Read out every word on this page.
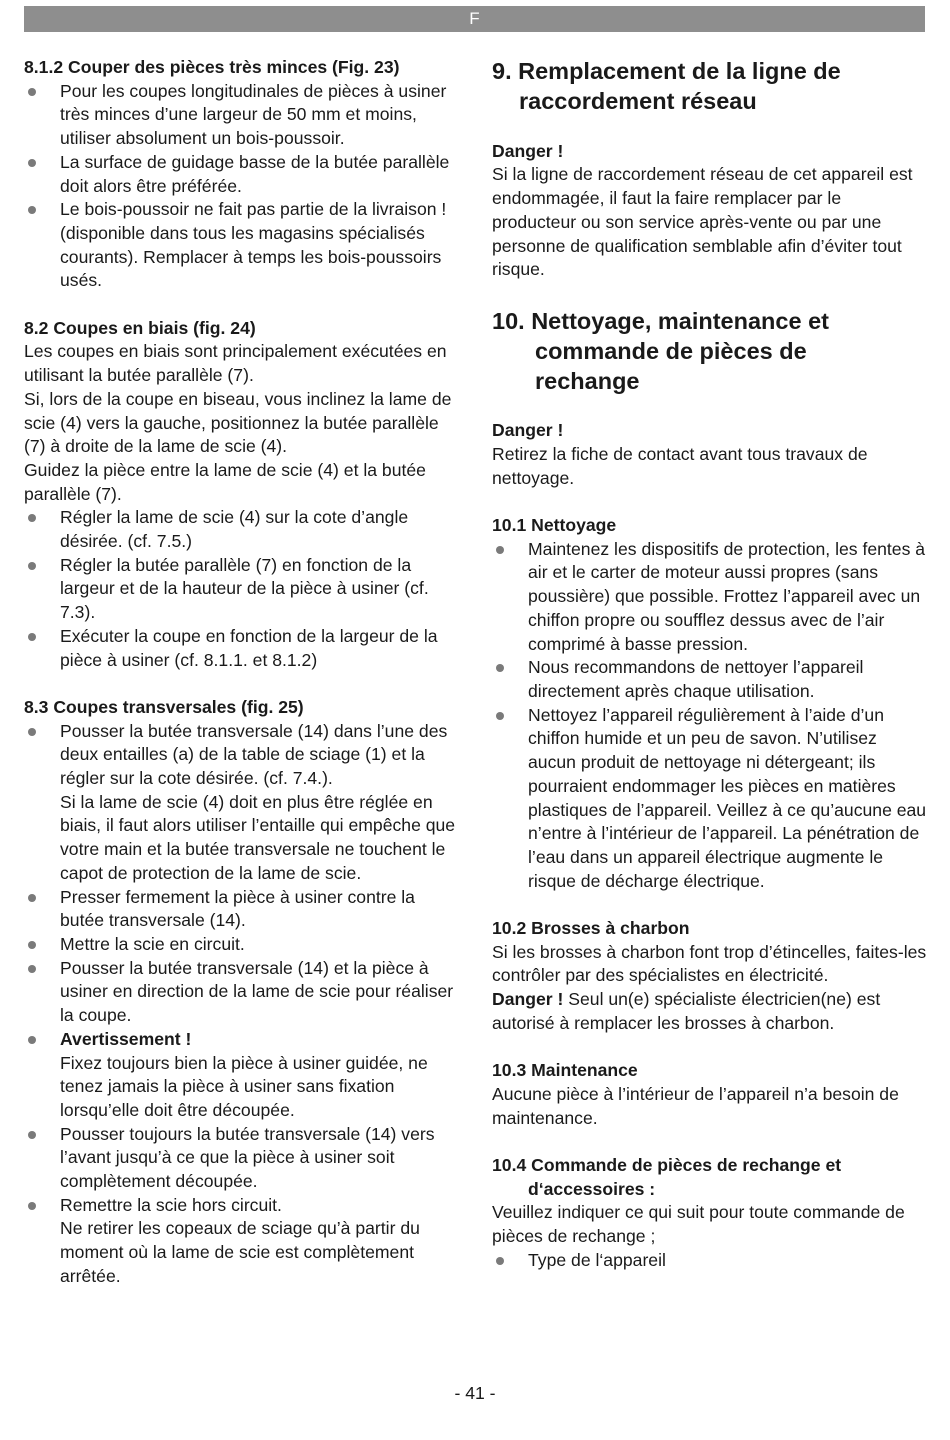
F

8.1.2 Couper des pièces très minces (Fig. 23)

Pour les coupes longitudinales de pièces à usiner très minces d’une largeur de 50 mm et moins, utiliser absolument un bois-poussoir.
La surface de guidage basse de la butée parallèle doit alors être préférée.
Le bois-poussoir ne fait pas partie de la livraison ! (disponible dans tous les magasins spécialisés courants). Remplacer à temps les bois-poussoirs usés.

8.2 Coupes en biais (fig. 24)

Les coupes en biais sont principalement exécutées en utilisant la butée parallèle (7).

Si, lors de la coupe en biseau, vous inclinez la lame de scie (4) vers la gauche, positionnez la butée parallèle (7) à droite de la lame de scie (4).

Guidez la pièce entre la lame de scie (4) et la butée parallèle (7).

Régler la lame de scie (4) sur la cote d’angle désirée. (cf. 7.5.)
Régler la butée parallèle (7) en fonction de la largeur et de la hauteur de la pièce à usiner (cf. 7.3).
Exécuter la coupe en fonction de la largeur de la pièce à usiner (cf. 8.1.1. et 8.1.2)

8.3 Coupes transversales (fig. 25)

Pousser la butée transversale (14) dans l’une des deux entailles (a) de la table de sciage (1) et la régler sur la cote désirée. (cf. 7.4.).
Si la lame de scie (4) doit en plus être réglée en biais, il faut alors utiliser l’entaille qui empêche que votre main et la butée transversale ne touchent le capot de protection de la lame de scie.
Presser fermement la pièce à usiner contre la butée transversale (14).
Mettre la scie en circuit.
Pousser la butée transversale (14) et la pièce à usiner en direction de la lame de scie pour réaliser la coupe.
Avertissement !
Fixez toujours bien la pièce à usiner guidée, ne tenez jamais la pièce à usiner sans fixation lorsqu’elle doit être découpée.
Pousser toujours la butée transversale (14) vers l’avant jusqu’à ce que la pièce à usiner soit complètement découpée.
Remettre la scie hors circuit.
Ne retirer les copeaux de sciage qu’à partir du moment où la lame de scie est complètement arrêtée.

9. Remplacement de la ligne de
raccordement réseau

Danger !

Si la ligne de raccordement réseau de cet appareil est endommagée, il faut la faire remplacer par le producteur ou son service après-vente ou par une personne de qualification semblable afin d’éviter tout risque.

10. Nettoyage, maintenance et
commande de pièces de
rechange

Danger !

Retirez la fiche de contact avant tous travaux de nettoyage.

10.1 Nettoyage

Maintenez les dispositifs de protection, les fentes à air et le carter de moteur aussi propres (sans poussière) que possible. Frottez l’appareil avec un chiffon propre ou soufflez dessus avec de l’air comprimé à basse pression.
Nous recommandons de nettoyer l’appareil directement après chaque utilisation.
Nettoyez l’appareil régulièrement à l’aide d’un chiffon humide et un peu de savon. N’utilisez aucun produit de nettoyage ni détergeant; ils pourraient endommager les pièces en matières plastiques de l’appareil. Veillez à ce qu’aucune eau n’entre à l’intérieur de l’appareil. La pénétration de l’eau dans un appareil électrique augmente le risque de décharge électrique.

10.2 Brosses à charbon

Si les brosses à charbon font trop d’étincelles, faites-les contrôler par des spécialistes en électricité.

Danger ! Seul un(e) spécialiste électricien(ne) est autorisé à remplacer les brosses à charbon.

10.3 Maintenance

Aucune pièce à l’intérieur de l’appareil n’a besoin de maintenance.

10.4 Commande de pièces de rechange et d‘accessoires :

Veuillez indiquer ce qui suit pour toute commande de pièces de rechange ;

Type de l‘appareil
- 41 -
